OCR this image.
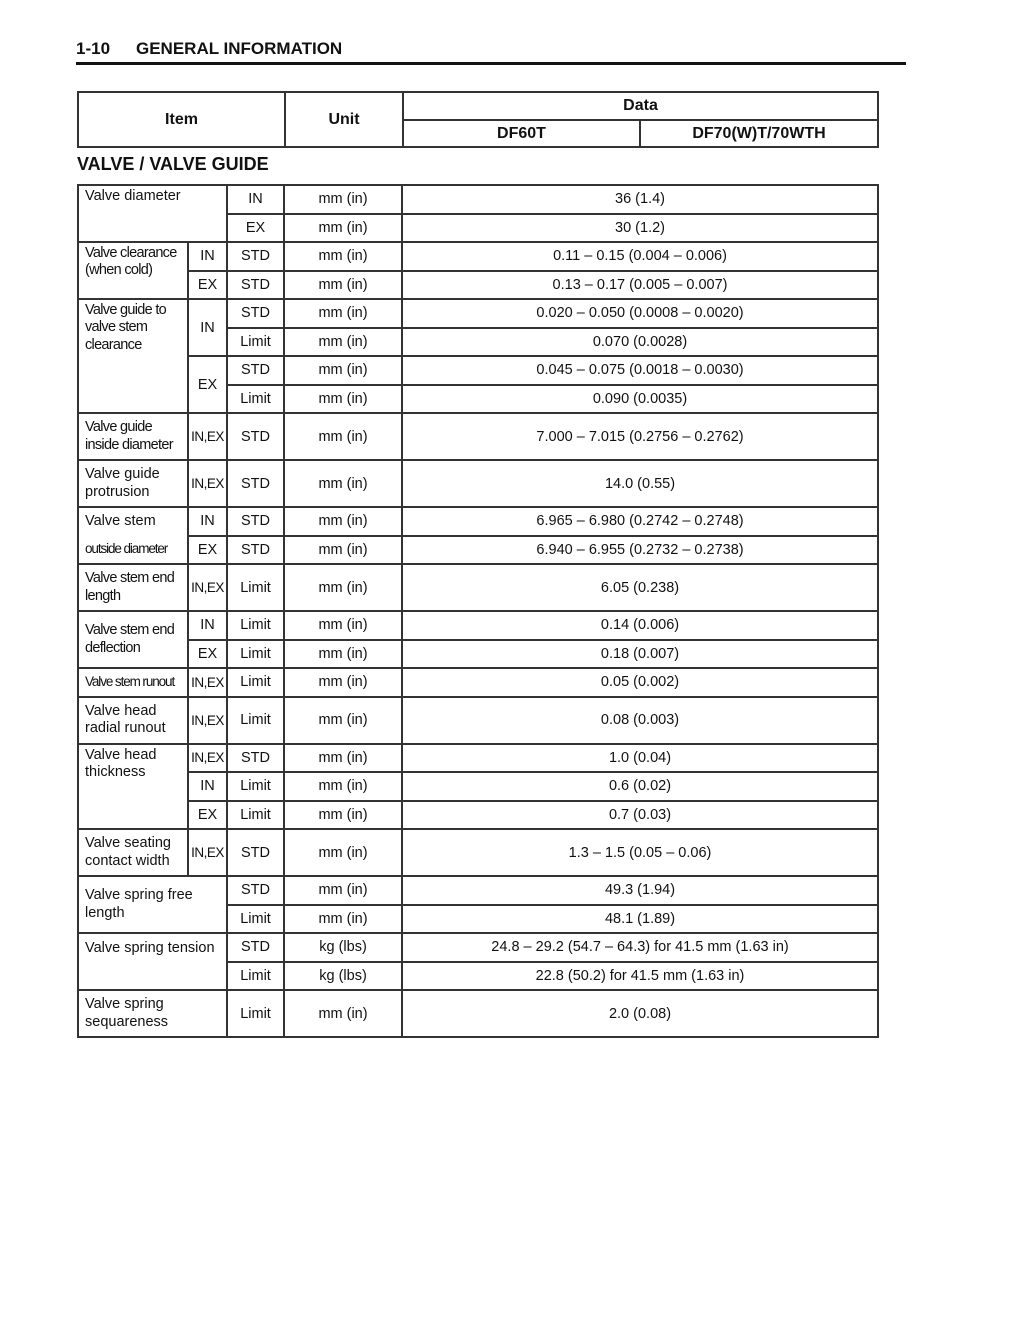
1-10 GENERAL INFORMATION
Item	Unit	Data	
		DF60T	DF70(W)T/70WTH
VALVE / VALVE GUIDE
Valve diameter		IN	mm (in)	36 (1.4)
		EX	mm (in)	30 (1.2)
Valve clearance (when cold)	IN	STD	mm (in)	0.11 – 0.15 (0.004 – 0.006)
	EX	STD	mm (in)	0.13 – 0.17 (0.005 – 0.007)
Valve guide to valve stem clearance	IN	STD	mm (in)	0.020 – 0.050 (0.0008 – 0.0020)
		Limit	mm (in)	0.070 (0.0028)
	EX	STD	mm (in)	0.045 – 0.075 (0.0018 – 0.0030)
		Limit	mm (in)	0.090 (0.0035)
Valve guide inside diameter	IN,EX	STD	mm (in)	7.000 – 7.015 (0.2756 – 0.2762)
Valve guide protrusion	IN,EX	STD	mm (in)	14.0 (0.55)
Valve stem	IN	STD	mm (in)	6.965 – 6.980 (0.2742 – 0.2748)
outside diameter	EX	STD	mm (in)	6.940 – 6.955 (0.2732 – 0.2738)
Valve stem end length	IN,EX	Limit	mm (in)	6.05 (0.238)
Valve stem end deflection	IN	Limit	mm (in)	0.14 (0.006)
	EX	Limit	mm (in)	0.18 (0.007)
Valve stem runout	IN,EX	Limit	mm (in)	0.05 (0.002)
Valve head radial runout	IN,EX	Limit	mm (in)	0.08 (0.003)
Valve head thickness	IN,EX	STD	mm (in)	1.0 (0.04)
	IN	Limit	mm (in)	0.6 (0.02)
	EX	Limit	mm (in)	0.7 (0.03)
Valve seating contact width	IN,EX	STD	mm (in)	1.3 – 1.5 (0.05 – 0.06)
Valve spring free length		STD	mm (in)	49.3 (1.94)
		Limit	mm (in)	48.1 (1.89)
Valve spring tension		STD	kg (lbs)	24.8 – 29.2 (54.7 – 64.3) for 41.5 mm (1.63 in)
		Limit	kg (lbs)	22.8 (50.2) for 41.5 mm (1.63 in)
Valve spring sequareness		Limit	mm (in)	2.0 (0.08)
